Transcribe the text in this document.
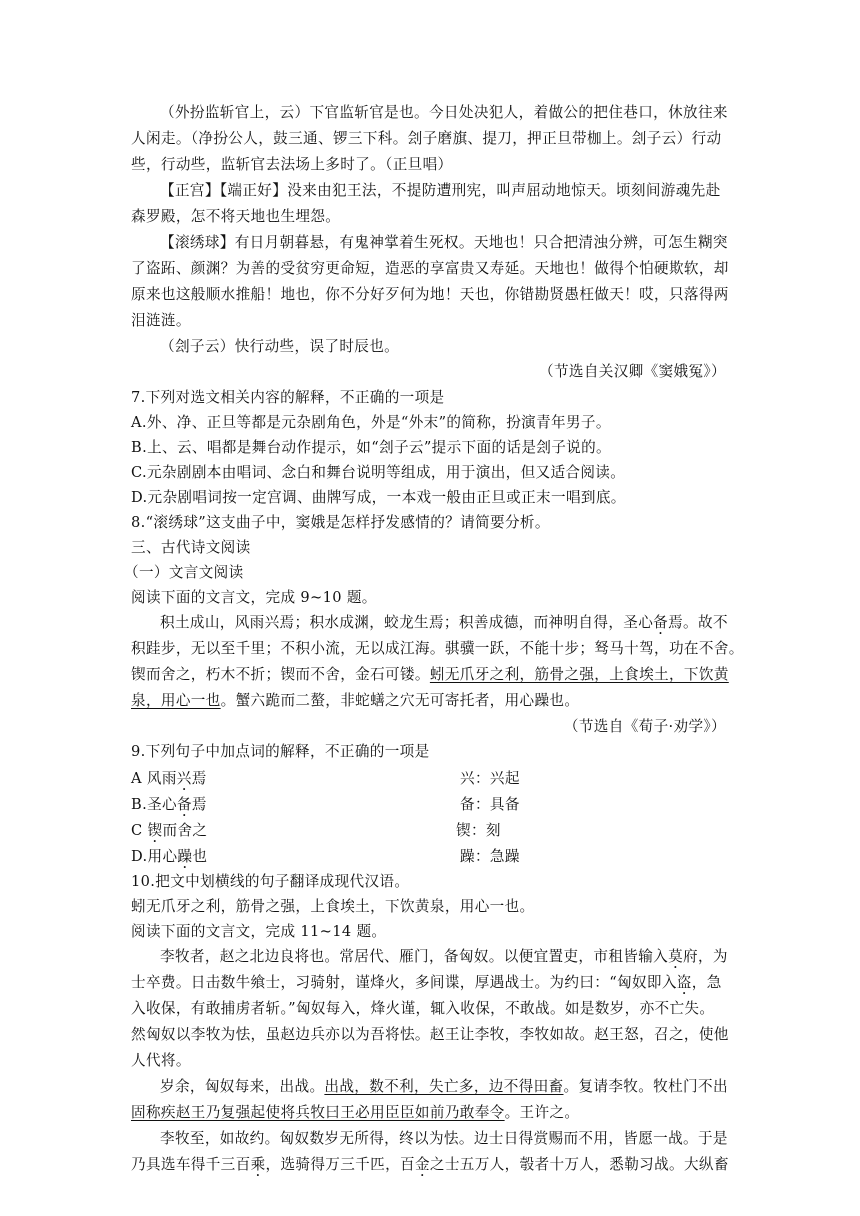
（外扮监斩官上，云）下官监斩官是也。今日处决犯人，着做公的把住巷口，休放往来
人闲走。（净扮公人，鼓三通、锣三下科。刽子磨旗、提刀，押正旦带枷上。刽子云）行动
些，行动些，监斩官去法场上多时了。（正旦唱）
【正宫】【端正好】没来由犯王法，不提防遭刑宪，叫声屈动地惊天。顷刻间游魂先赴
森罗殿，怎不将天地也生埋怨。
【滚绣球】有日月朝暮悬，有鬼神掌着生死权。天地也！只合把清浊分辨，可怎生糊突
了盗跖、颜渊？为善的受贫穷更命短，造恶的享富贵又寿延。天地也！做得个怕硬欺软，却
原来也这般顺水推船！地也，你不分好歹何为地！天也，你错勘贤愚枉做天！哎，只落得两
泪涟涟。
（刽子云）快行动些，误了时辰也。
（节选自关汉卿《窦娥冤》）
7.下列对选文相关内容的解释，不正确的一项是
A.外、净、正旦等都是元杂剧角色，外是“外末”的简称，扮演青年男子。
B.上、云、唱都是舞台动作提示，如“刽子云”提示下面的话是刽子说的。
C.元杂剧剧本由唱词、念白和舞台说明等组成，用于演出，但又适合阅读。
D.元杂剧唱词按一定宫调、曲牌写成，一本戏一般由正旦或正末一唱到底。
8.“滚绣球”这支曲子中，窦娥是怎样抒发感情的？请简要分析。
三、古代诗文阅读
（一）文言文阅读
阅读下面的文言文，完成 9~10 题。
积土成山，风雨兴焉；积水成渊，蛟龙生焉；积善成德，而神明自得，圣心备焉。故不
积跬步，无以至千里；不积小流，无以成江海。骐骥一跃，不能十步；驽马十驾，功在不舍。
锲而舍之，朽木不折；锲而不舍，金石可镂。蚓无爪牙之利，筋骨之强，上食埃土，下饮黄
泉，用心一也。蟹六跪而二螯，非蛇蟮之穴无可寄托者，用心躁也。
（节选自《荀子·劝学》）
9.下列句子中加点词的解释，不正确的一项是
A 风雨兴焉	兴：兴起
B.圣心备焉	备：具备
C 锲而舍之	锲：刻
D.用心躁也	躁：急躁
10.把文中划横线的句子翻译成现代汉语。
蚓无爪牙之利，筋骨之强，上食埃土，下饮黄泉，用心一也。
阅读下面的文言文，完成 11~14 题。
李牧者，赵之北边良将也。常居代、雁门，备匈奴。以便宜置吏，市租皆输入莫府，为
士卒费。日击数牛飨士，习骑射，谨烽火，多间谍，厚遇战士。为约曰：“匈奴即入盗，急
入收保，有敢捕虏者斩。”匈奴每入，烽火谨，辄入收保，不敢战。如是数岁，亦不亡失。
然匈奴以李牧为怯，虽赵边兵亦以为吾将怯。赵王让李牧，李牧如故。赵王怒，召之，使他
人代将。
岁余，匈奴每来，出战。出战，数不利，失亡多，边不得田畜。复请李牧。牧杜门不出
固称疾赵王乃复强起使将兵牧曰王必用臣臣如前乃敢奉令。王许之。
李牧至，如故约。匈奴数岁无所得，终以为怯。边士日得赏赐而不用，皆愿一战。于是
乃具选车得千三百乘，选骑得万三千匹，百金之士五万人，彀者十万人，悉勒习战。大纵畜
